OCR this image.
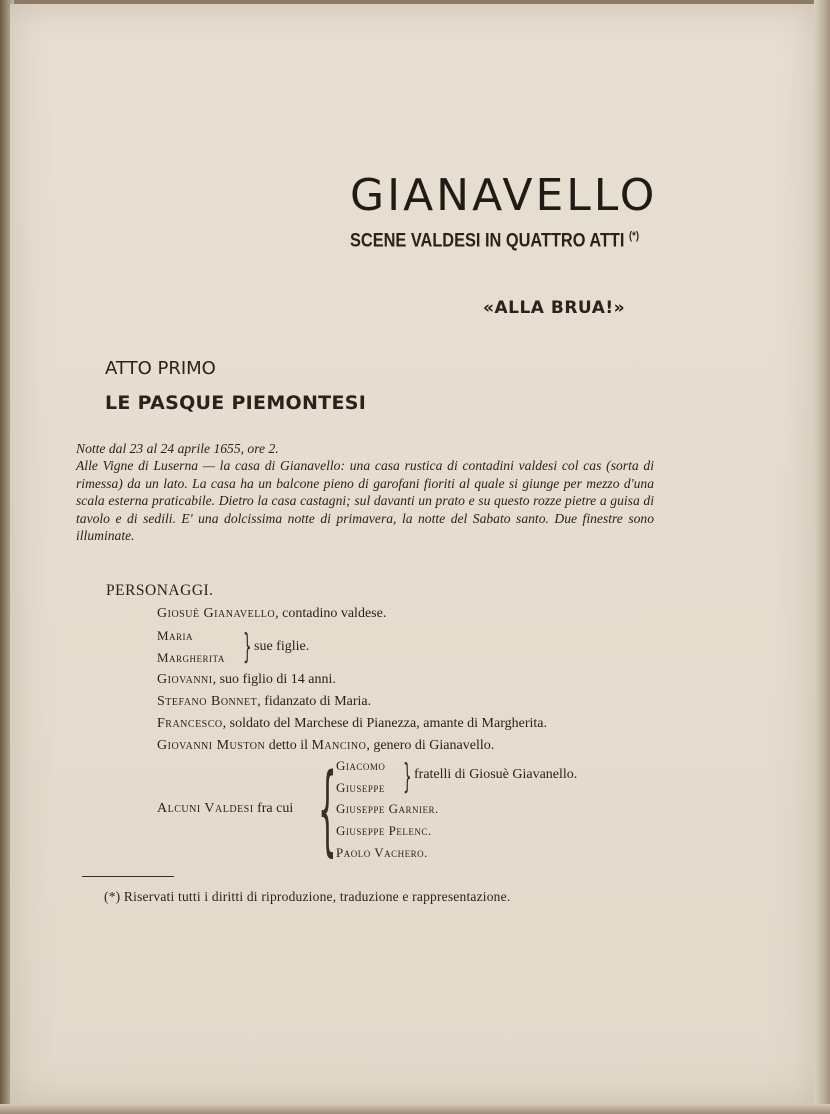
GIANAVELLO
SCENE VALDESI IN QUATTRO ATTI (*)
«ALLA BRUA!»
ATTO PRIMO
LE PASQUE PIEMONTESI

Notte dal 23 al 24 aprile 1655, ore 2.

Alle Vigne di Luserna — la casa di Gianavello: una casa rustica di contadini valdesi col cas (sorta di rimessa) da un lato. La casa ha un balcone pieno di garofani fioriti al quale si giunge per mezzo d'una scala esterna praticabile. Dietro la casa castagni; sul davanti un prato e su questo rozze pietre a guisa di tavolo e di sedili. E' una dolcissima notte di primavera, la notte del Sabato santo. Due finestre sono illuminate.

PERSONAGGI.
Giosuè Gianavello, contadino valdese.
Maria
Margherita } sue figlie.
Giovanni, suo figlio di 14 anni.
Stefano Bonnet, fidanzato di Maria.
Francesco, soldato del Marchese di Pianezza, amante di Margherita.
Giovanni Muston detto il Mancino, genero di Gianavello.
Alcuni Valdesi fra cui { Giacomo
Giuseppe } fratelli di Giosuè Giavanello.
Giuseppe Garnier.
Giuseppe Pelenc.
Paolo Vachero.
(*) Riservati tutti i diritti di riproduzione, traduzione e rappresentazione.
